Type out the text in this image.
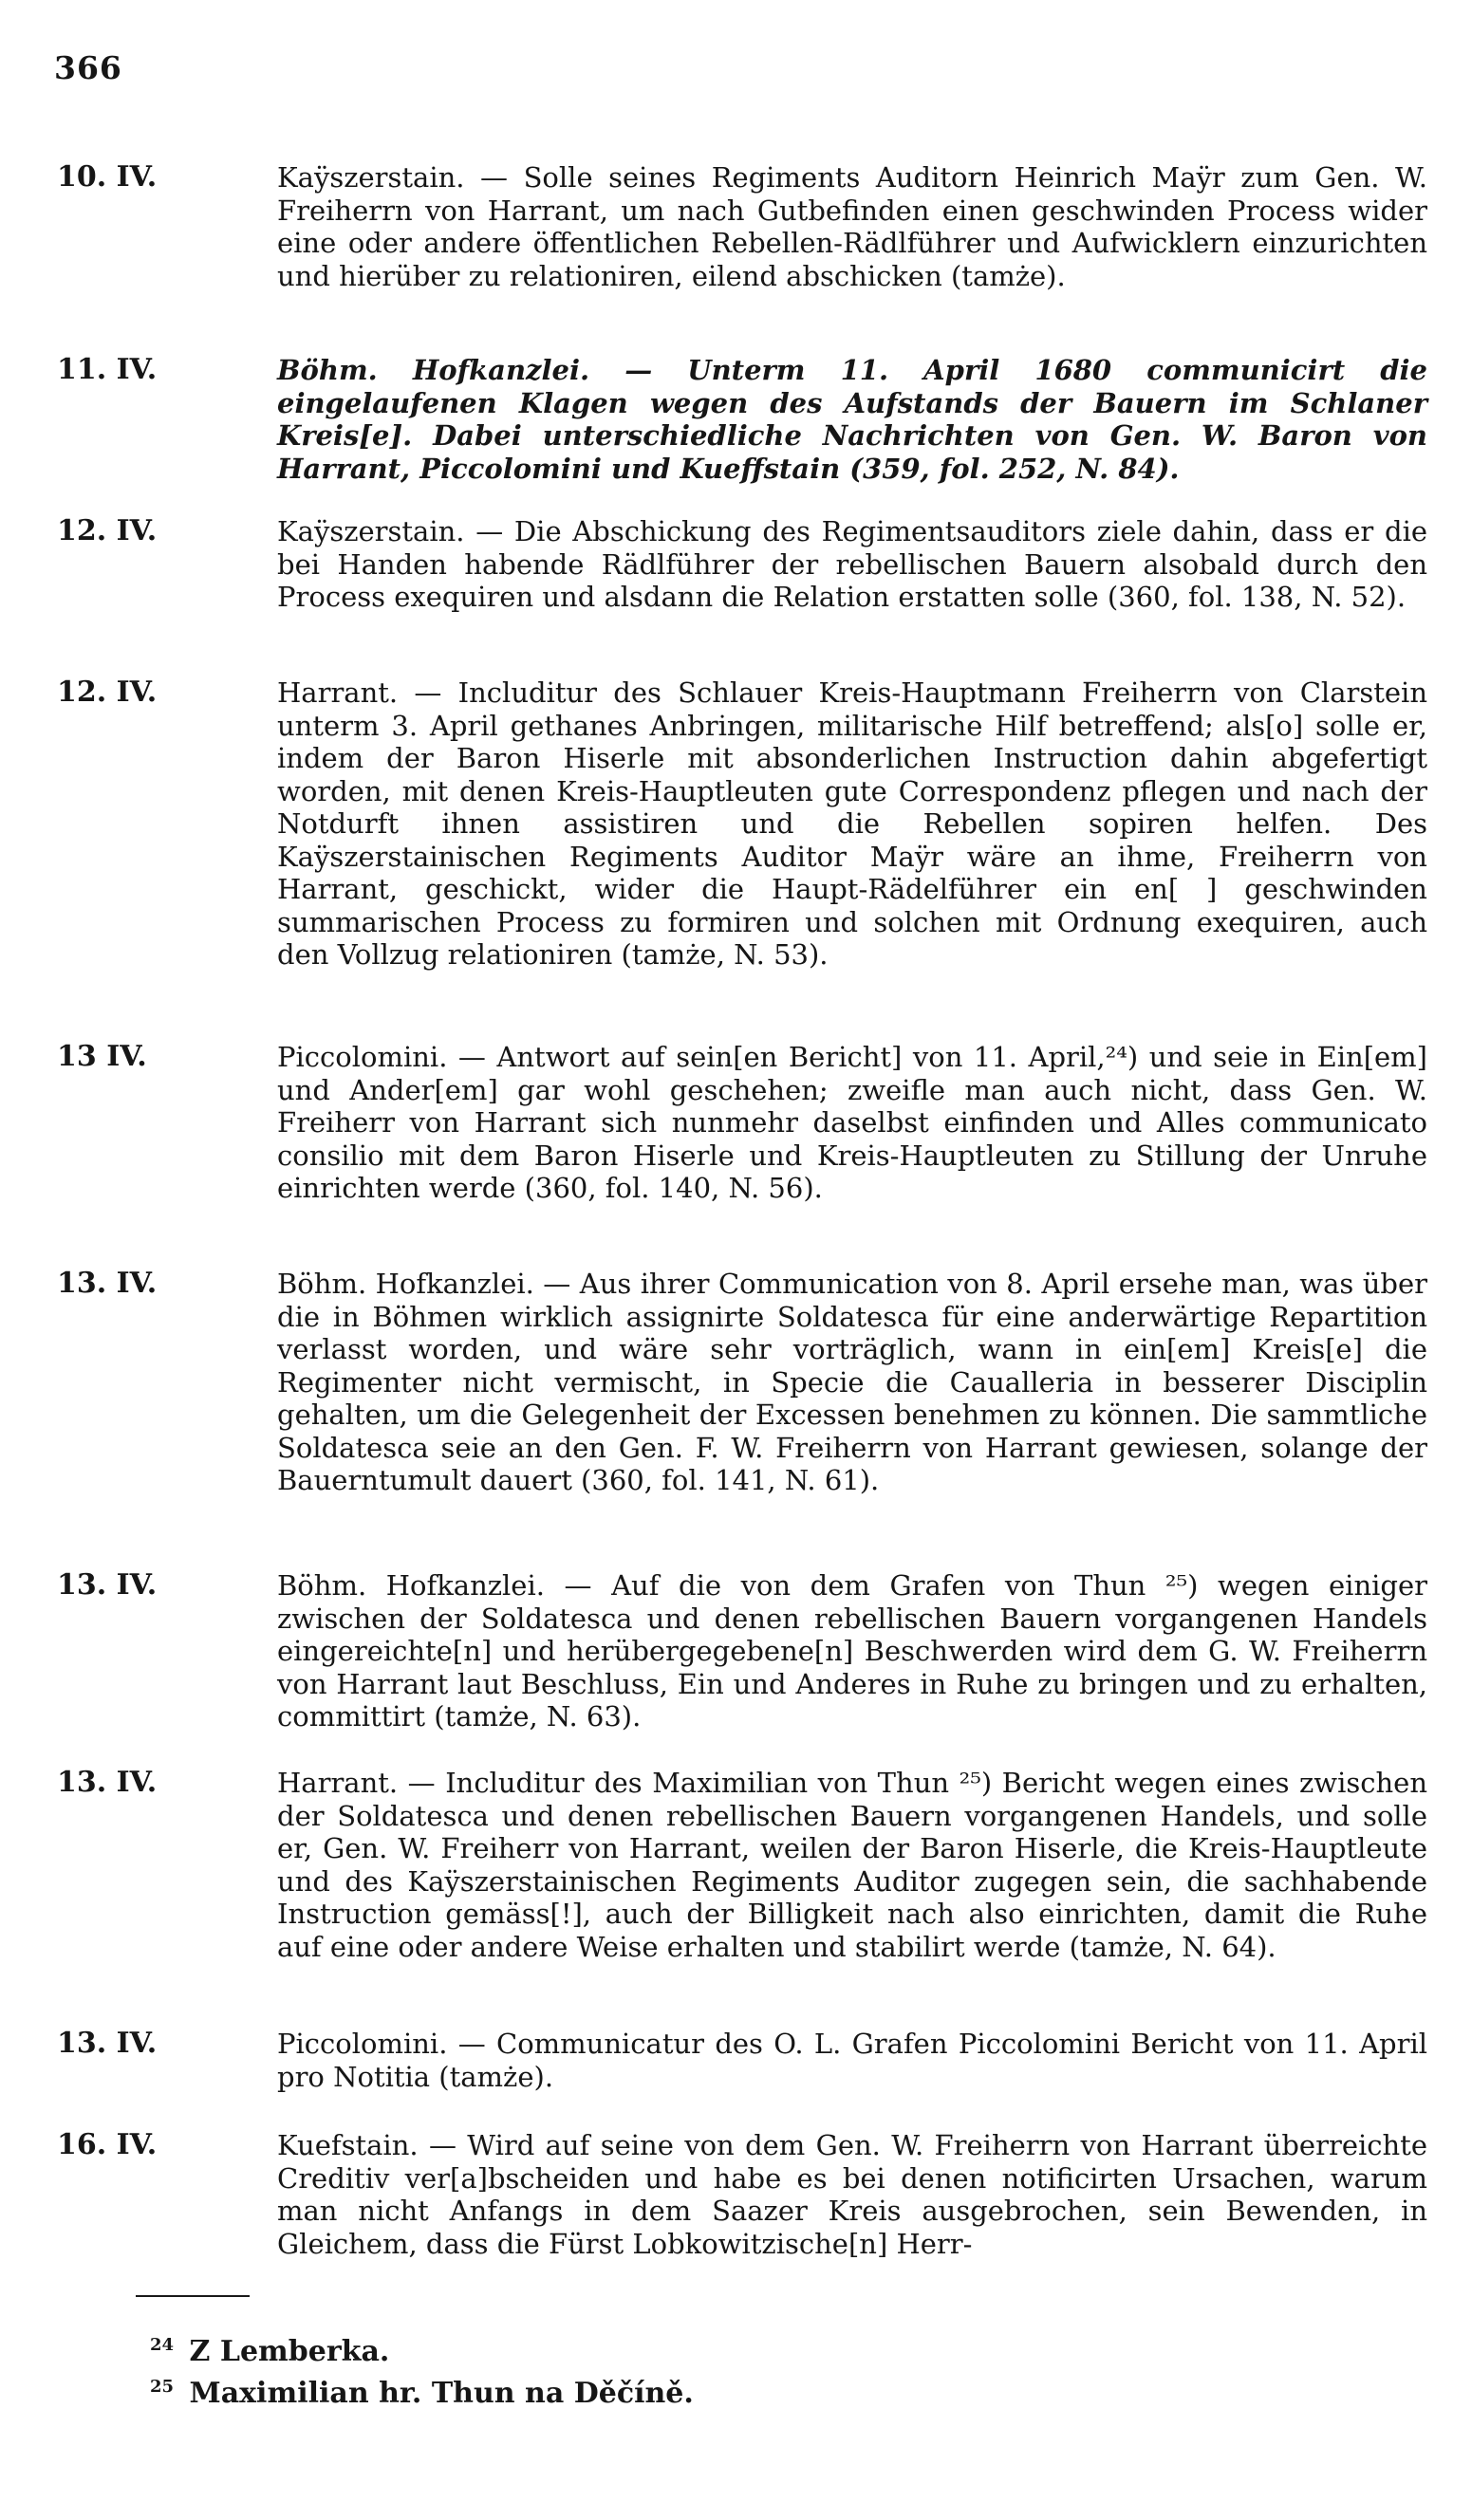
366
10. IV.	Kaÿszerstain. — Solle seines Regiments Auditorn Heinrich Maÿr zum Gen. W. Freiherrn von Harrant, um nach Gutbefinden einen geschwinden Process wider eine oder andere öffentlichen Rebellen-Rädlführer und Aufwicklern einzurichten und hierüber zu relationiren, eilend abschicken (tamże).
11. IV.	Böhm. Hofkanzlei. — Unterm 11. April 1680 communicirt die eingelaufenen Klagen wegen des Aufstands der Bauern im Schlaner Kreis[e]. Dabei unterschiedliche Nachrichten von Gen. W. Baron von Harrant, Piccolomini und Kueffstain (359, fol. 252, N. 84).
12. IV.	Kaÿszerstain. — Die Abschickung des Regimentsauditors ziele dahin, dass er die bei Handen habende Rädlführer der rebellischen Bauern alsobald durch den Process exequiren und alsdann die Relation erstatten solle (360, fol. 138, N. 52).
12. IV.	Harrant. — Includitur des Schlauer Kreis-Hauptmann Freiherrn von Clarstein unterm 3. April gethanes Anbringen, militarische Hilf betreffend; als[o] solle er, indem der Baron Hiserle mit absonderlichen Instruction dahin abgefertigt worden, mit denen Kreis-Hauptleuten gute Correspondenz pflegen und nach der Notdurft ihnen assistiren und die Rebellen sopiren helfen. Des Kaÿszerstainischen Regiments Auditor Maÿr wäre an ihme, Freiherrn von Harrant, geschickt, wider die Haupt-Rädelführer ein en[ ] geschwinden summarischen Process zu formiren und solchen mit Ordnung exequiren, auch den Vollzug relationiren (tamże, N. 53).
13 IV.	Piccolomini. — Antwort auf sein[en Bericht] von 11. April,²⁴) und seie in Ein[em] und Ander[em] gar wohl geschehen; zweifle man auch nicht, dass Gen. W. Freiherr von Harrant sich nunmehr daselbst einfinden und Alles communicato consilio mit dem Baron Hiserle und Kreis-Hauptleuten zu Stillung der Unruhe einrichten werde (360, fol. 140, N. 56).
13. IV.	Böhm. Hofkanzlei. — Aus ihrer Communication von 8. April ersehe man, was über die in Böhmen wirklich assignirte Soldatesca für eine anderwärtige Repartition verlasst worden, und wäre sehr vorträglich, wann in ein[em] Kreis[e] die Regimenter nicht vermischt, in Specie die Caualleria in besserer Disciplin gehalten, um die Gelegenheit der Excessen benehmen zu können. Die sammtliche Soldatesca seie an den Gen. F. W. Freiherrn von Harrant gewiesen, solange der Bauerntumult dauert (360, fol. 141, N. 61).
13. IV.	Böhm. Hofkanzlei. — Auf die von dem Grafen von Thun ²⁵) wegen einiger zwischen der Soldatesca und denen rebellischen Bauern vorgangenen Handels eingereichte[n] und herübergegebene[n] Beschwerden wird dem G. W. Freiherrn von Harrant laut Beschluss, Ein und Anderes in Ruhe zu bringen und zu erhalten, committirt (tamże, N. 63).
13. IV.	Harrant. — Includitur des Maximilian von Thun ²⁵) Bericht wegen eines zwischen der Soldatesca und denen rebellischen Bauern vorgangenen Handels, und solle er, Gen. W. Freiherr von Harrant, weilen der Baron Hiserle, die Kreis-Hauptleute und des Kaÿszerstainischen Regiments Auditor zugegen sein, die sachhabende Instruction gemäss[!], auch der Billigkeit nach also einrichten, damit die Ruhe auf eine oder andere Weise erhalten und stabilirt werde (tamże, N. 64).
13. IV.	Piccolomini. — Communicatur des O. L. Grafen Piccolomini Bericht von 11. April pro Notitia (tamże).
16. IV.	Kuefstain. — Wird auf seine von dem Gen. W. Freiherrn von Harrant überreichte Creditiv ver[a]bscheiden und habe es bei denen notificirten Ursachen, warum man nicht Anfangs in dem Saazer Kreis ausgebrochen, sein Bewenden, in Gleichem, dass die Fürst Lobkowitzische[n] Herr-
$^{24}$ Z Lemberka.
$^{25}$ Maximilian hr. Thun na Děčíně.
